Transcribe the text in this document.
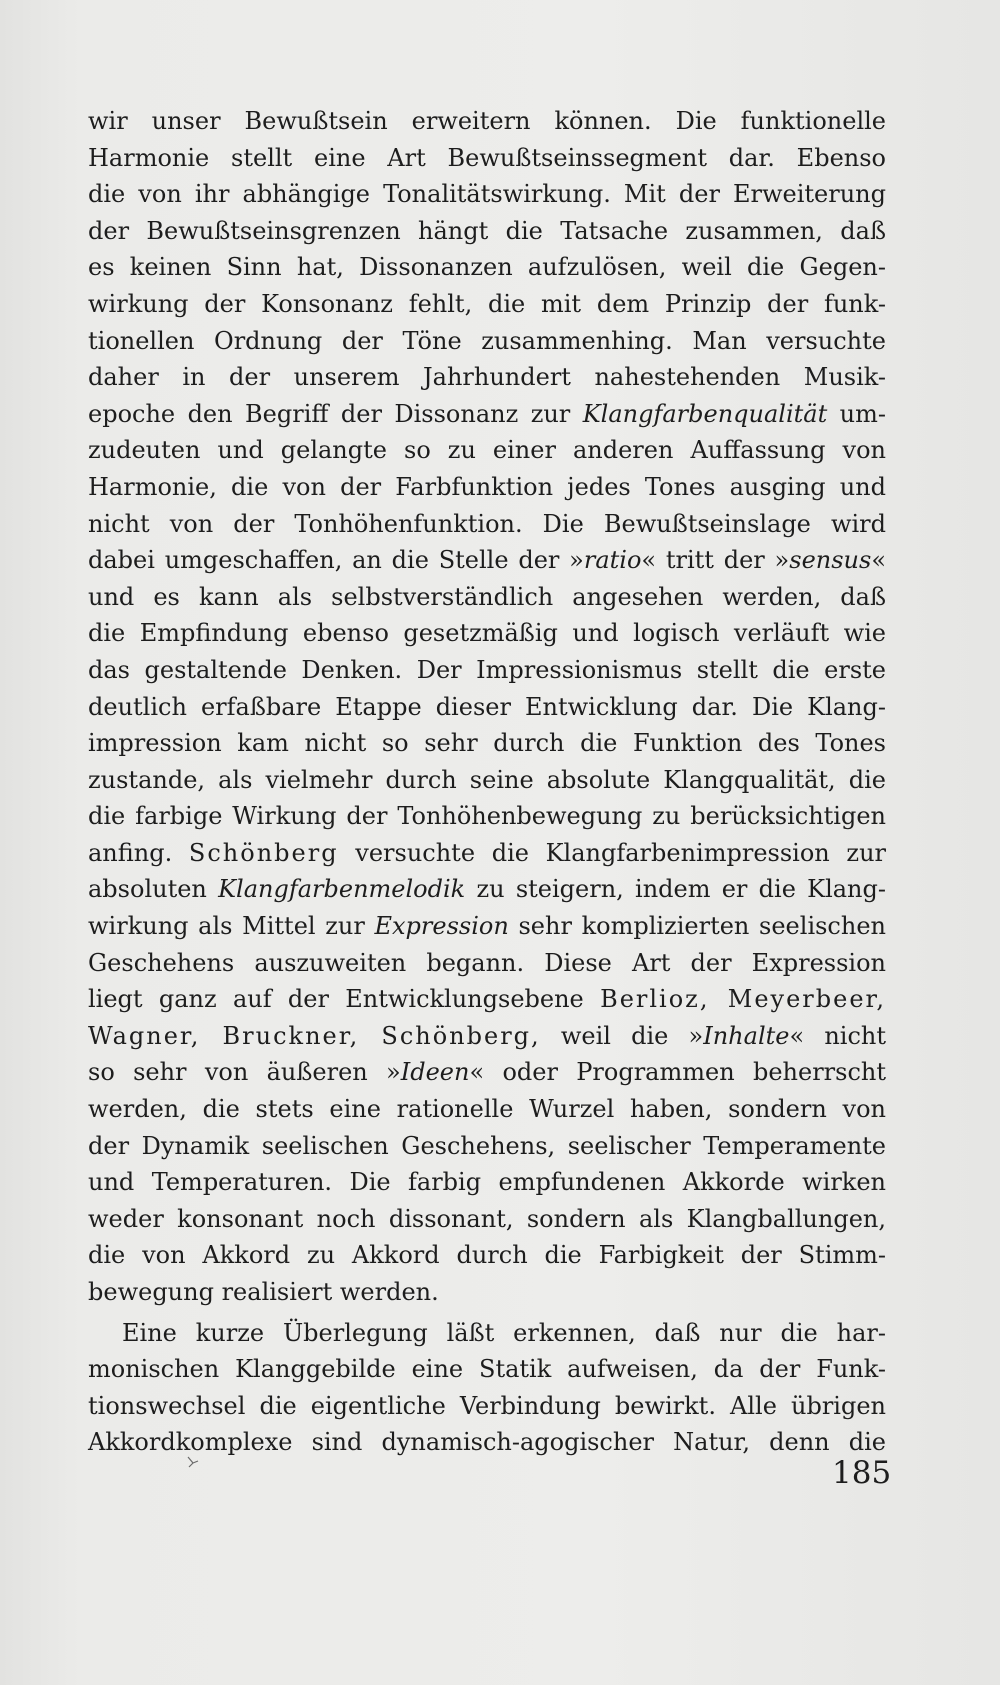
wir unser Bewußtsein erweitern können. Die funktionelle
Harmonie stellt eine Art Bewußtseinssegment dar. Ebenso
die von ihr abhängige Tonalitätswirkung. Mit der Erweiterung
der Bewußtseinsgrenzen hängt die Tatsache zusammen, daß
es keinen Sinn hat, Dissonanzen aufzulösen, weil die Gegen-
wirkung der Konsonanz fehlt, die mit dem Prinzip der funk-
tionellen Ordnung der Töne zusammenhing. Man versuchte
daher in der unserem Jahrhundert nahestehenden Musik-
epoche den Begriff der Dissonanz zur Klangfarbenqualität um-
zudeuten und gelangte so zu einer anderen Auffassung von
Harmonie, die von der Farbfunktion jedes Tones ausging und
nicht von der Tonhöhenfunktion. Die Bewußtseinslage wird
dabei umgeschaffen, an die Stelle der »ratio« tritt der »sensus«
und es kann als selbstverständlich angesehen werden, daß
die Empfindung ebenso gesetzmäßig und logisch verläuft wie
das gestaltende Denken. Der Impressionismus stellt die erste
deutlich erfaßbare Etappe dieser Entwicklung dar. Die Klang-
impression kam nicht so sehr durch die Funktion des Tones
zustande, als vielmehr durch seine absolute Klangqualität, die
die farbige Wirkung der Tonhöhenbewegung zu berücksichtigen
anfing. Schönberg versuchte die Klangfarbenimpression zur
absoluten Klangfarbenmelodik zu steigern, indem er die Klang-
wirkung als Mittel zur Expression sehr komplizierten seelischen
Geschehens auszuweiten begann. Diese Art der Expression
liegt ganz auf der Entwicklungsebene Berlioz, Meyerbeer,
Wagner, Bruckner, Schönberg, weil die »Inhalte« nicht
so sehr von äußeren »Ideen« oder Programmen beherrscht
werden, die stets eine rationelle Wurzel haben, sondern von
der Dynamik seelischen Geschehens, seelischer Temperamente
und Temperaturen. Die farbig empfundenen Akkorde wirken
weder konsonant noch dissonant, sondern als Klangballungen,
die von Akkord zu Akkord durch die Farbigkeit der Stimm-
bewegung realisiert werden.
Eine kurze Überlegung läßt erkennen, daß nur die har-
monischen Klanggebilde eine Statik aufweisen, da der Funk-
tionswechsel die eigentliche Verbindung bewirkt. Alle übrigen
Akkordkomplexe sind dynamisch-agogischer Natur, denn die
185
